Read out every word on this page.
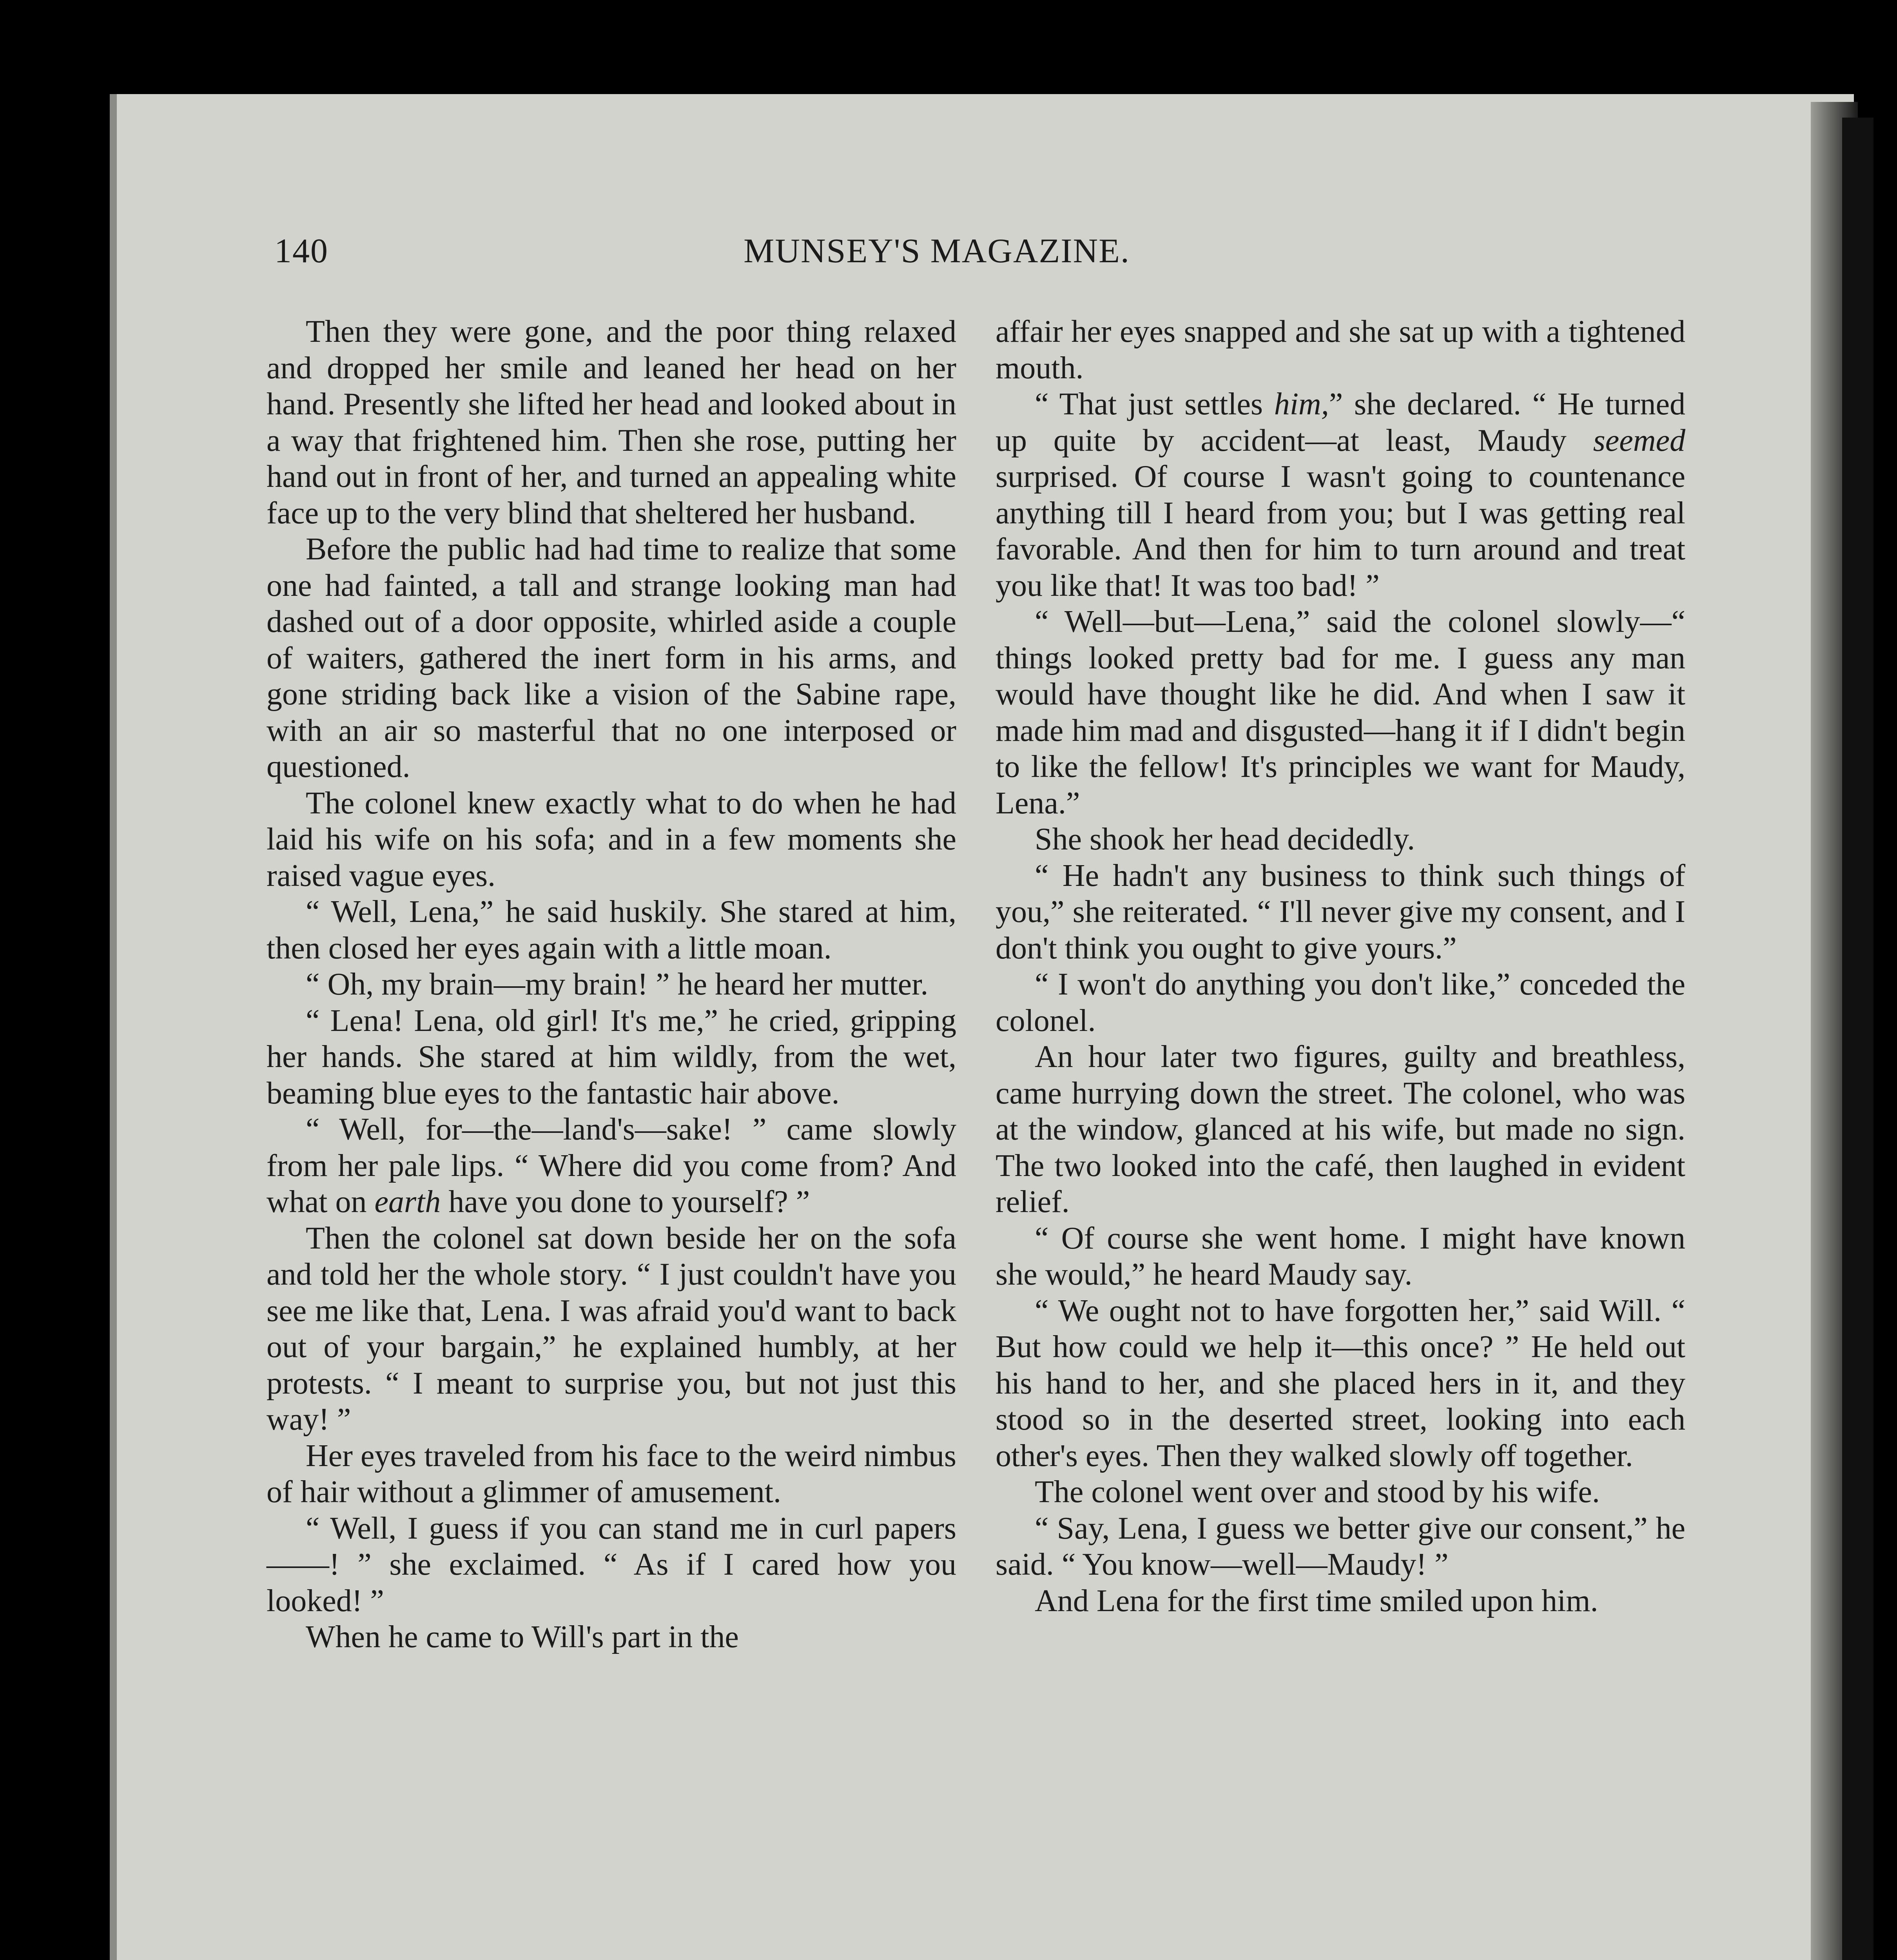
140	MUNSEY'S MAGAZINE.

Then they were gone, and the poor thing relaxed and dropped her smile and leaned her head on her hand. Presently she lifted her head and looked about in a way that frightened him. Then she rose, putting her hand out in front of her, and turned an appealing white face up to the very blind that sheltered her husband.

Before the public had had time to realize that some one had fainted, a tall and strange looking man had dashed out of a door opposite, whirled aside a couple of waiters, gathered the inert form in his arms, and gone striding back like a vision of the Sabine rape, with an air so masterful that no one interposed or questioned.

The colonel knew exactly what to do when he had laid his wife on his sofa; and in a few moments she raised vague eyes.

“ Well, Lena,” he said huskily. She stared at him, then closed her eyes again with a little moan.

“ Oh, my brain—my brain! ” he heard her mutter.

“ Lena! Lena, old girl! It's me,” he cried, gripping her hands. She stared at him wildly, from the wet, beaming blue eyes to the fantastic hair above.

“ Well, for—the—land's—sake! ” came slowly from her pale lips. “ Where did you come from? And what on earth have you done to yourself? ”

Then the colonel sat down beside her on the sofa and told her the whole story. “ I just couldn't have you see me like that, Lena. I was afraid you'd want to back out of your bargain,” he explained humbly, at her protests. “ I meant to surprise you, but not just this way! ”

Her eyes traveled from his face to the weird nimbus of hair without a glimmer of amusement.

“ Well, I guess if you can stand me in curl papers——! ” she exclaimed. “ As if I cared how you looked! ”

When he came to Will's part in the

affair her eyes snapped and she sat up with a tightened mouth.

“ That just settles him,” she declared. “ He turned up quite by accident—at least, Maudy seemed surprised. Of course I wasn't going to countenance anything till I heard from you; but I was getting real favorable. And then for him to turn around and treat you like that! It was too bad! ”

“ Well—but—Lena,” said the colonel slowly—“ things looked pretty bad for me. I guess any man would have thought like he did. And when I saw it made him mad and disgusted—hang it if I didn't begin to like the fellow! It's principles we want for Maudy, Lena.”

She shook her head decidedly.

“ He hadn't any business to think such things of you,” she reiterated. “ I'll never give my consent, and I don't think you ought to give yours.”

“ I won't do anything you don't like,” conceded the colonel.

An hour later two figures, guilty and breathless, came hurrying down the street. The colonel, who was at the window, glanced at his wife, but made no sign. The two looked into the café, then laughed in evident relief.

“ Of course she went home. I might have known she would,” he heard Maudy say.

“ We ought not to have forgotten her,” said Will. “ But how could we help it—this once? ” He held out his hand to her, and she placed hers in it, and they stood so in the deserted street, looking into each other's eyes. Then they walked slowly off together.

The colonel went over and stood by his wife.

“ Say, Lena, I guess we better give our consent,” he said. “ You know—well—Maudy! ”

And Lena for the first time smiled upon him.
